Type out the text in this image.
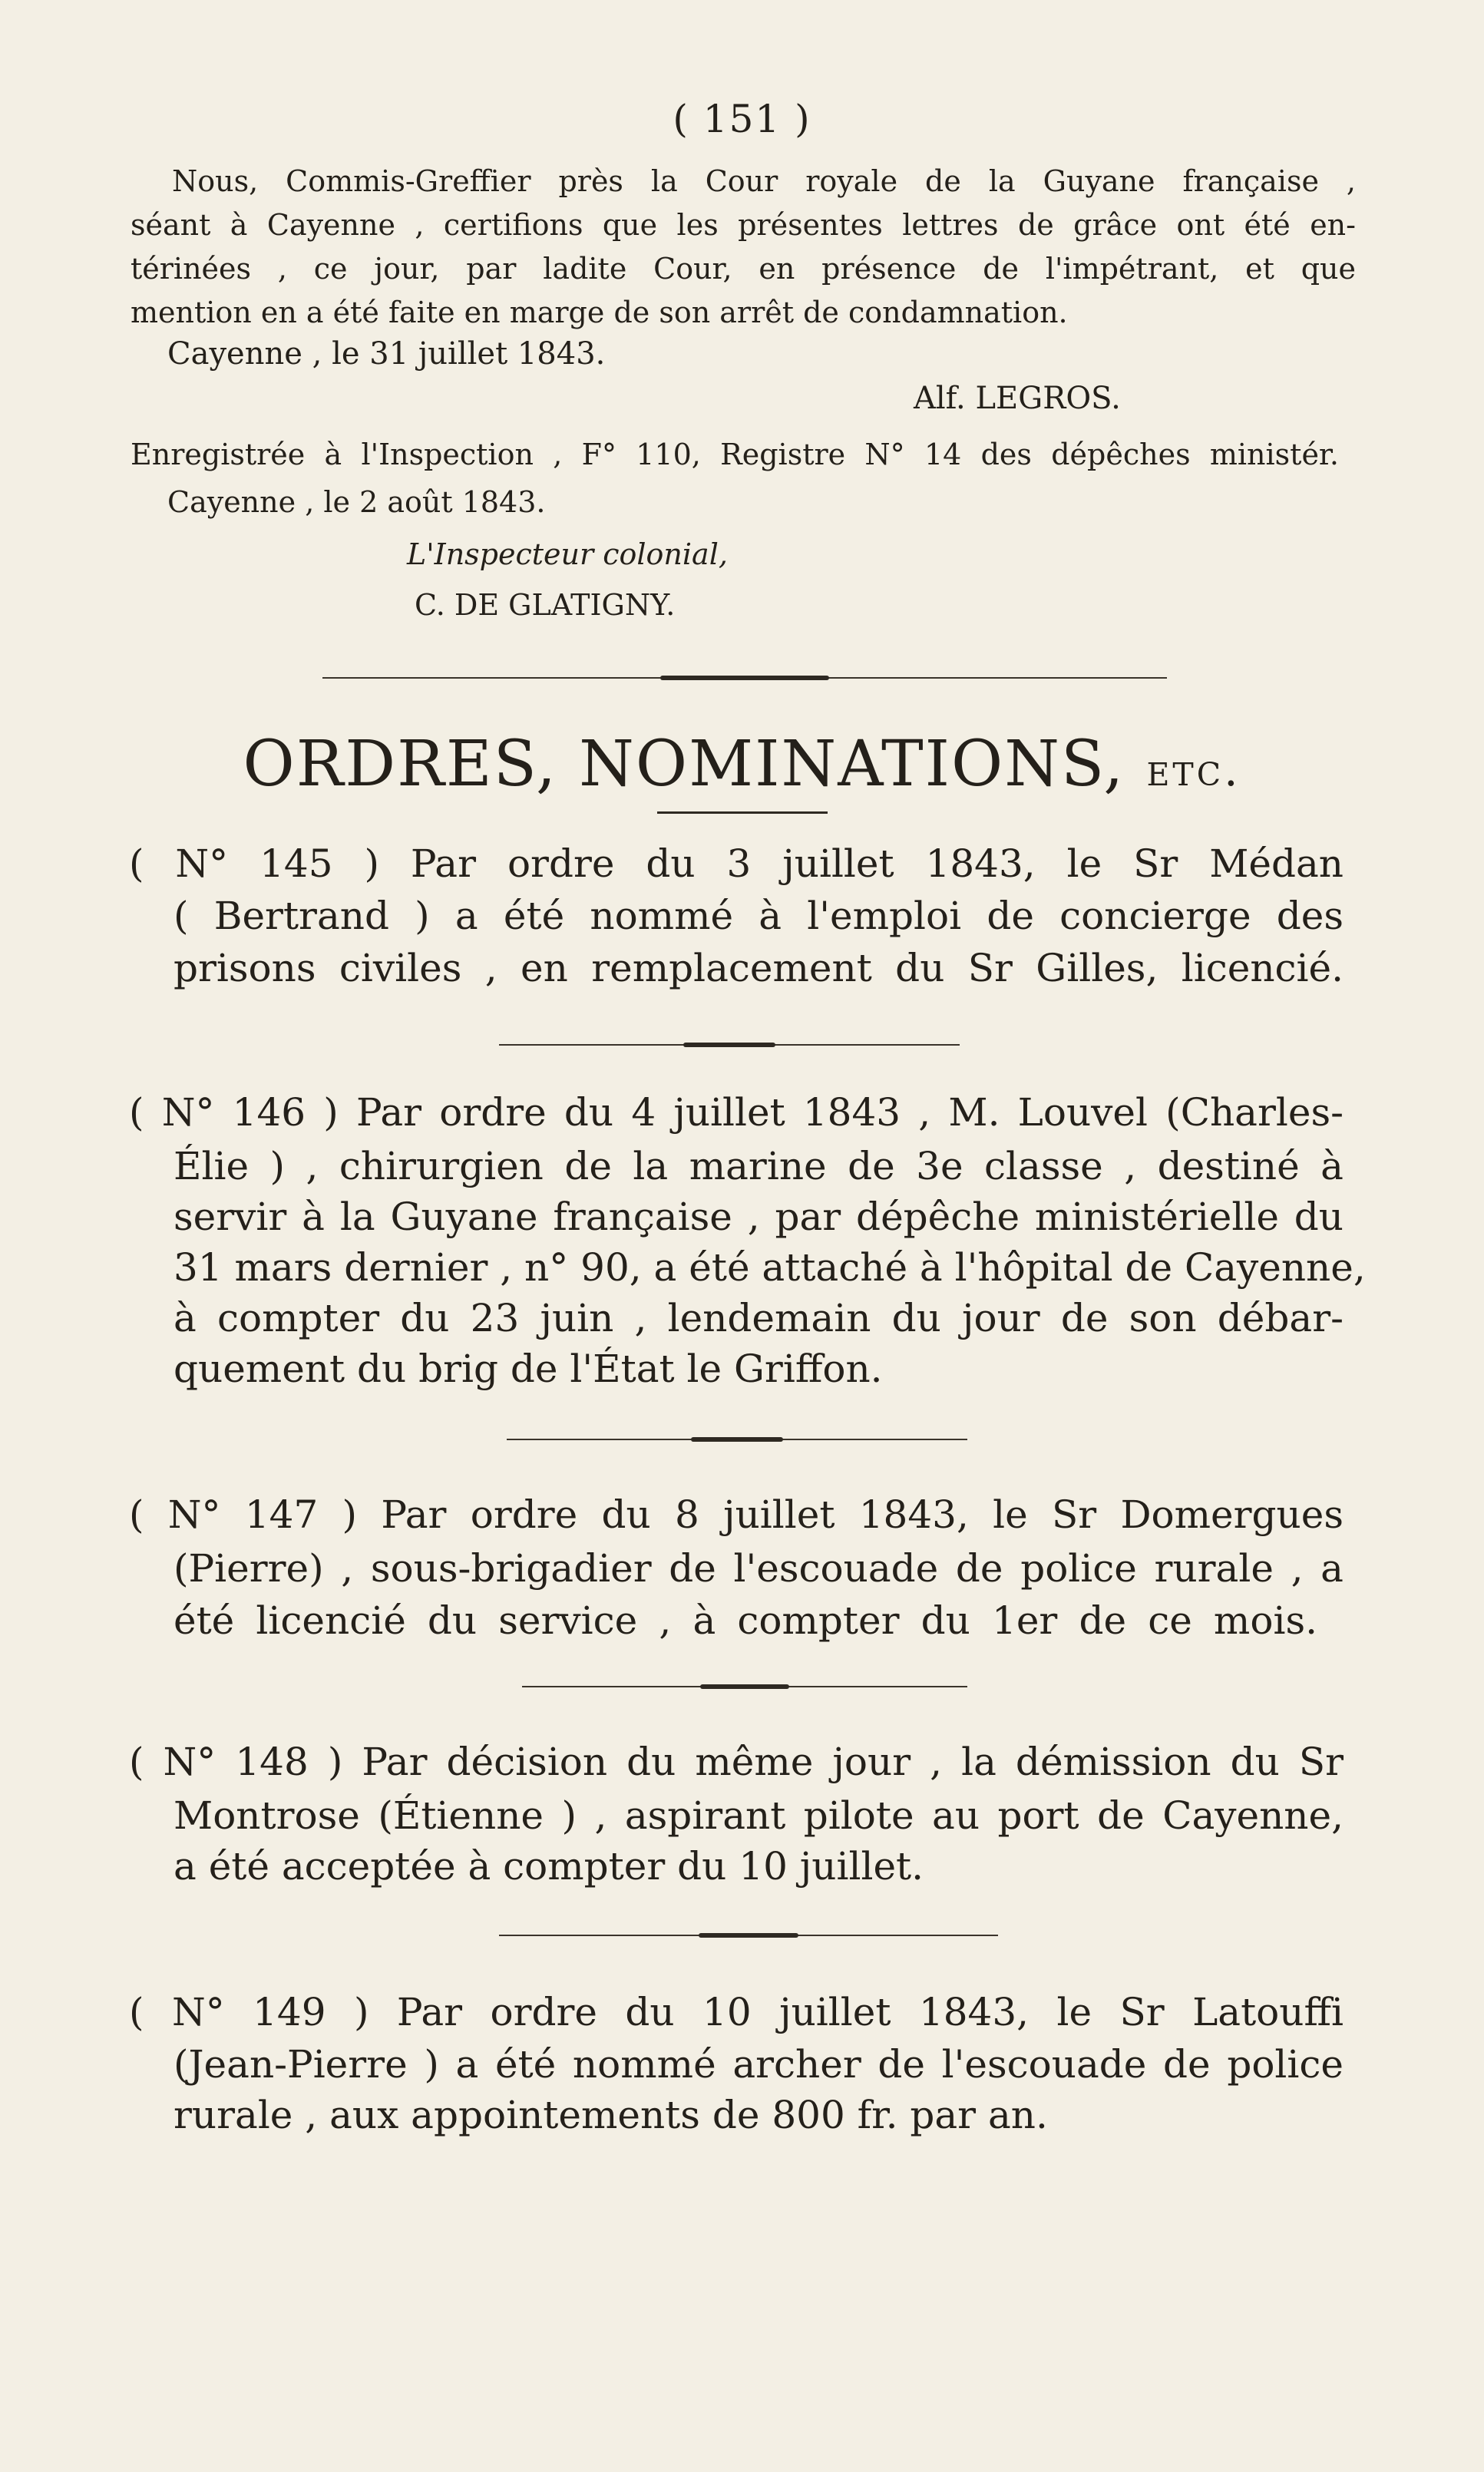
( 151 )
Nous, Commis-Greffier près la Cour royale de la Guyane française ,
séant à Cayenne , certifions que les présentes lettres de grâce ont été en-
térinées , ce jour, par ladite Cour, en présence de l'impétrant, et que
mention en a été faite en marge de son arrêt de condamnation.
Cayenne , le 31 juillet 1843.
Alf. LEGROS.
Enregistrée à l'Inspection , F° 110, Registre N° 14 des dépêches ministér.
Cayenne , le 2 août 1843.
L'Inspecteur colonial,
C. DE GLATIGNY.
ORDRES, NOMINATIONS, etc.
( N° 145 ) Par ordre du 3 juillet 1843, le Sr Médan
( Bertrand ) a été nommé à l'emploi de concierge des
prisons civiles , en remplacement du Sr Gilles, licencié.
( N° 146 ) Par ordre du 4 juillet 1843 , M. Louvel (Charles-
Élie ) , chirurgien de la marine de 3e classe , destiné à
servir à la Guyane française , par dépêche ministérielle du
31 mars dernier , n° 90, a été attaché à l'hôpital de Cayenne,
à compter du 23 juin , lendemain du jour de son débar-
quement du brig de l'État le Griffon.
( N° 147 ) Par ordre du 8 juillet 1843, le Sr Domergues
(Pierre) , sous-brigadier de l'escouade de police rurale , a
été licencié du service , à compter du 1er de ce mois.
( N° 148 ) Par décision du même jour , la démission du Sr
Montrose (Étienne ) , aspirant pilote au port de Cayenne,
a été acceptée à compter du 10 juillet.
( N° 149 ) Par ordre du 10 juillet 1843, le Sr Latouffi
(Jean-Pierre ) a été nommé archer de l'escouade de police
rurale , aux appointements de 800 fr. par an.
